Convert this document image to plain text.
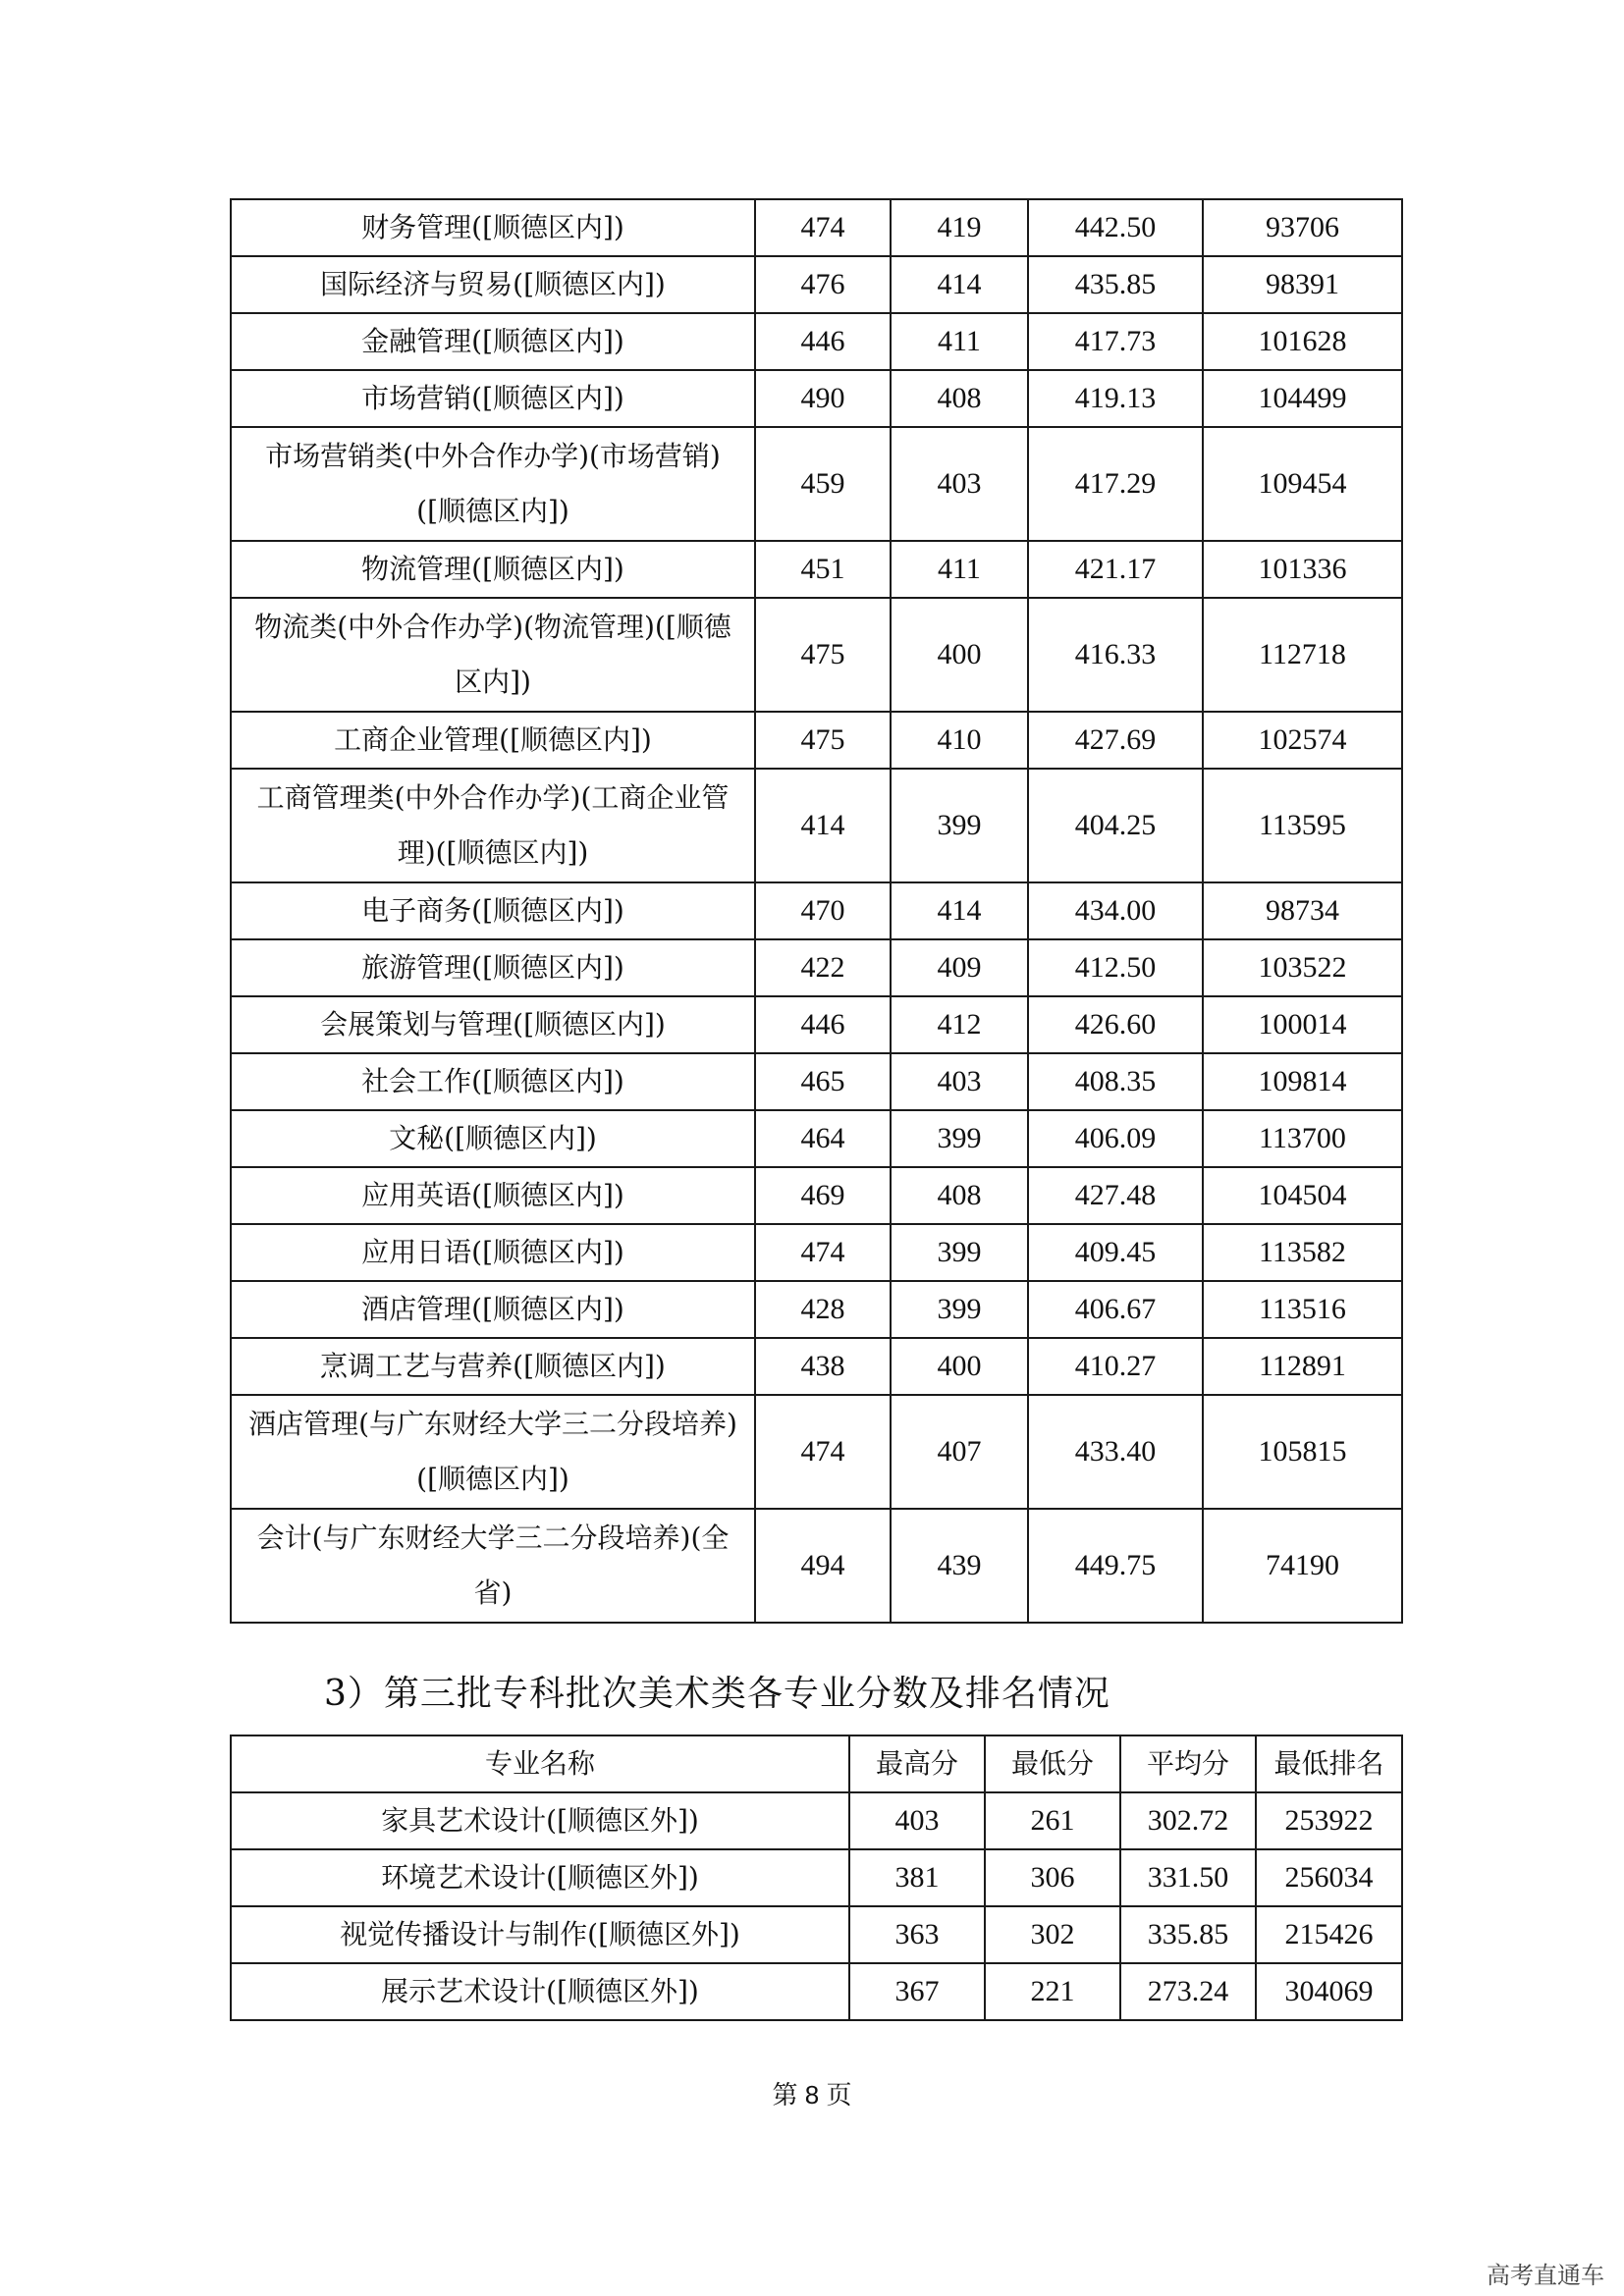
财务管理([顺德区内])	474	419	442.50	93706
国际经济与贸易([顺德区内])	476	414	435.85	98391
金融管理([顺德区内])	446	411	417.73	101628
市场营销([顺德区内])	490	408	419.13	104499
市场营销类(中外合作办学)(市场营销)([顺德区内])	459	403	417.29	109454
物流管理([顺德区内])	451	411	421.17	101336
物流类(中外合作办学)(物流管理)([顺德区内])	475	400	416.33	112718
工商企业管理([顺德区内])	475	410	427.69	102574
工商管理类(中外合作办学)(工商企业管理)([顺德区内])	414	399	404.25	113595
电子商务([顺德区内])	470	414	434.00	98734
旅游管理([顺德区内])	422	409	412.50	103522
会展策划与管理([顺德区内])	446	412	426.60	100014
社会工作([顺德区内])	465	403	408.35	109814
文秘([顺德区内])	464	399	406.09	113700
应用英语([顺德区内])	469	408	427.48	104504
应用日语([顺德区内])	474	399	409.45	113582
酒店管理([顺德区内])	428	399	406.67	113516
烹调工艺与营养([顺德区内])	438	400	410.27	112891
酒店管理(与广东财经大学三二分段培养)([顺德区内])	474	407	433.40	105815
会计(与广东财经大学三二分段培养)(全省)	494	439	449.75	74190
3）第三批专科批次美术类各专业分数及排名情况
专业名称	最高分	最低分	平均分	最低排名
家具艺术设计([顺德区外])	403	261	302.72	253922
环境艺术设计([顺德区外])	381	306	331.50	256034
视觉传播设计与制作([顺德区外])	363	302	335.85	215426
展示艺术设计([顺德区外])	367	221	273.24	304069
第 8 页
高考直通车
